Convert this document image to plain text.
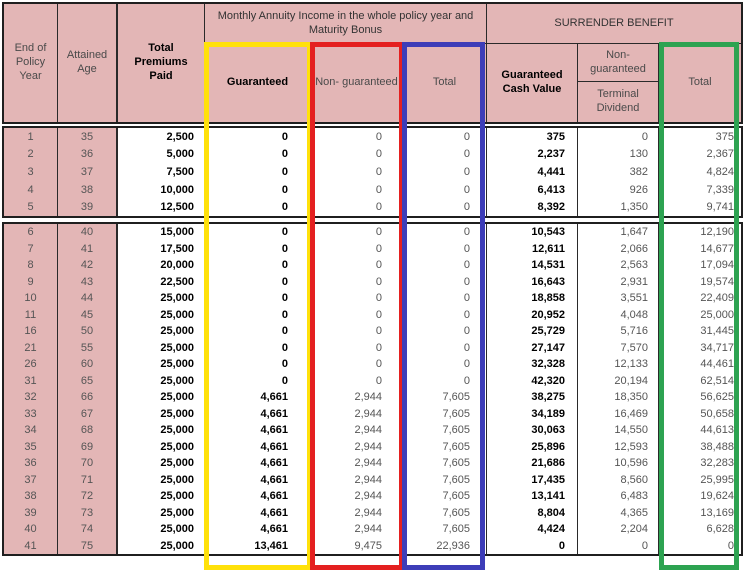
End of Policy Year
Attained Age
Total Premiums Paid
Monthly Annuity Income in the whole policy year and Maturity Bonus
SURRENDER BENEFIT
Guaranteed	Non- guaranteed	Total
Guaranteed Cash Value
Non- guaranteed
Terminal Dividend
Total
1	35	2,500	0	0	0	375	0	375
2	36	5,000	0	0	0	2,237	130	2,367
3	37	7,500	0	0	0	4,441	382	4,824
4	38	10,000	0	0	0	6,413	926	7,339
5	39	12,500	0	0	0	8,392	1,350	9,741
6	40	15,000	0	0	0	10,543	1,647	12,190
7	41	17,500	0	0	0	12,611	2,066	14,677
8	42	20,000	0	0	0	14,531	2,563	17,094
9	43	22,500	0	0	0	16,643	2,931	19,574
10	44	25,000	0	0	0	18,858	3,551	22,409
11	45	25,000	0	0	0	20,952	4,048	25,000
16	50	25,000	0	0	0	25,729	5,716	31,445
21	55	25,000	0	0	0	27,147	7,570	34,717
26	60	25,000	0	0	0	32,328	12,133	44,461
31	65	25,000	0	0	0	42,320	20,194	62,514
32	66	25,000	4,661	2,944	7,605	38,275	18,350	56,625
33	67	25,000	4,661	2,944	7,605	34,189	16,469	50,658
34	68	25,000	4,661	2,944	7,605	30,063	14,550	44,613
35	69	25,000	4,661	2,944	7,605	25,896	12,593	38,488
36	70	25,000	4,661	2,944	7,605	21,686	10,596	32,283
37	71	25,000	4,661	2,944	7,605	17,435	8,560	25,995
38	72	25,000	4,661	2,944	7,605	13,141	6,483	19,624
39	73	25,000	4,661	2,944	7,605	8,804	4,365	13,169
40	74	25,000	4,661	2,944	7,605	4,424	2,204	6,628
41	75	25,000	13,461	9,475	22,936	0	0	0
